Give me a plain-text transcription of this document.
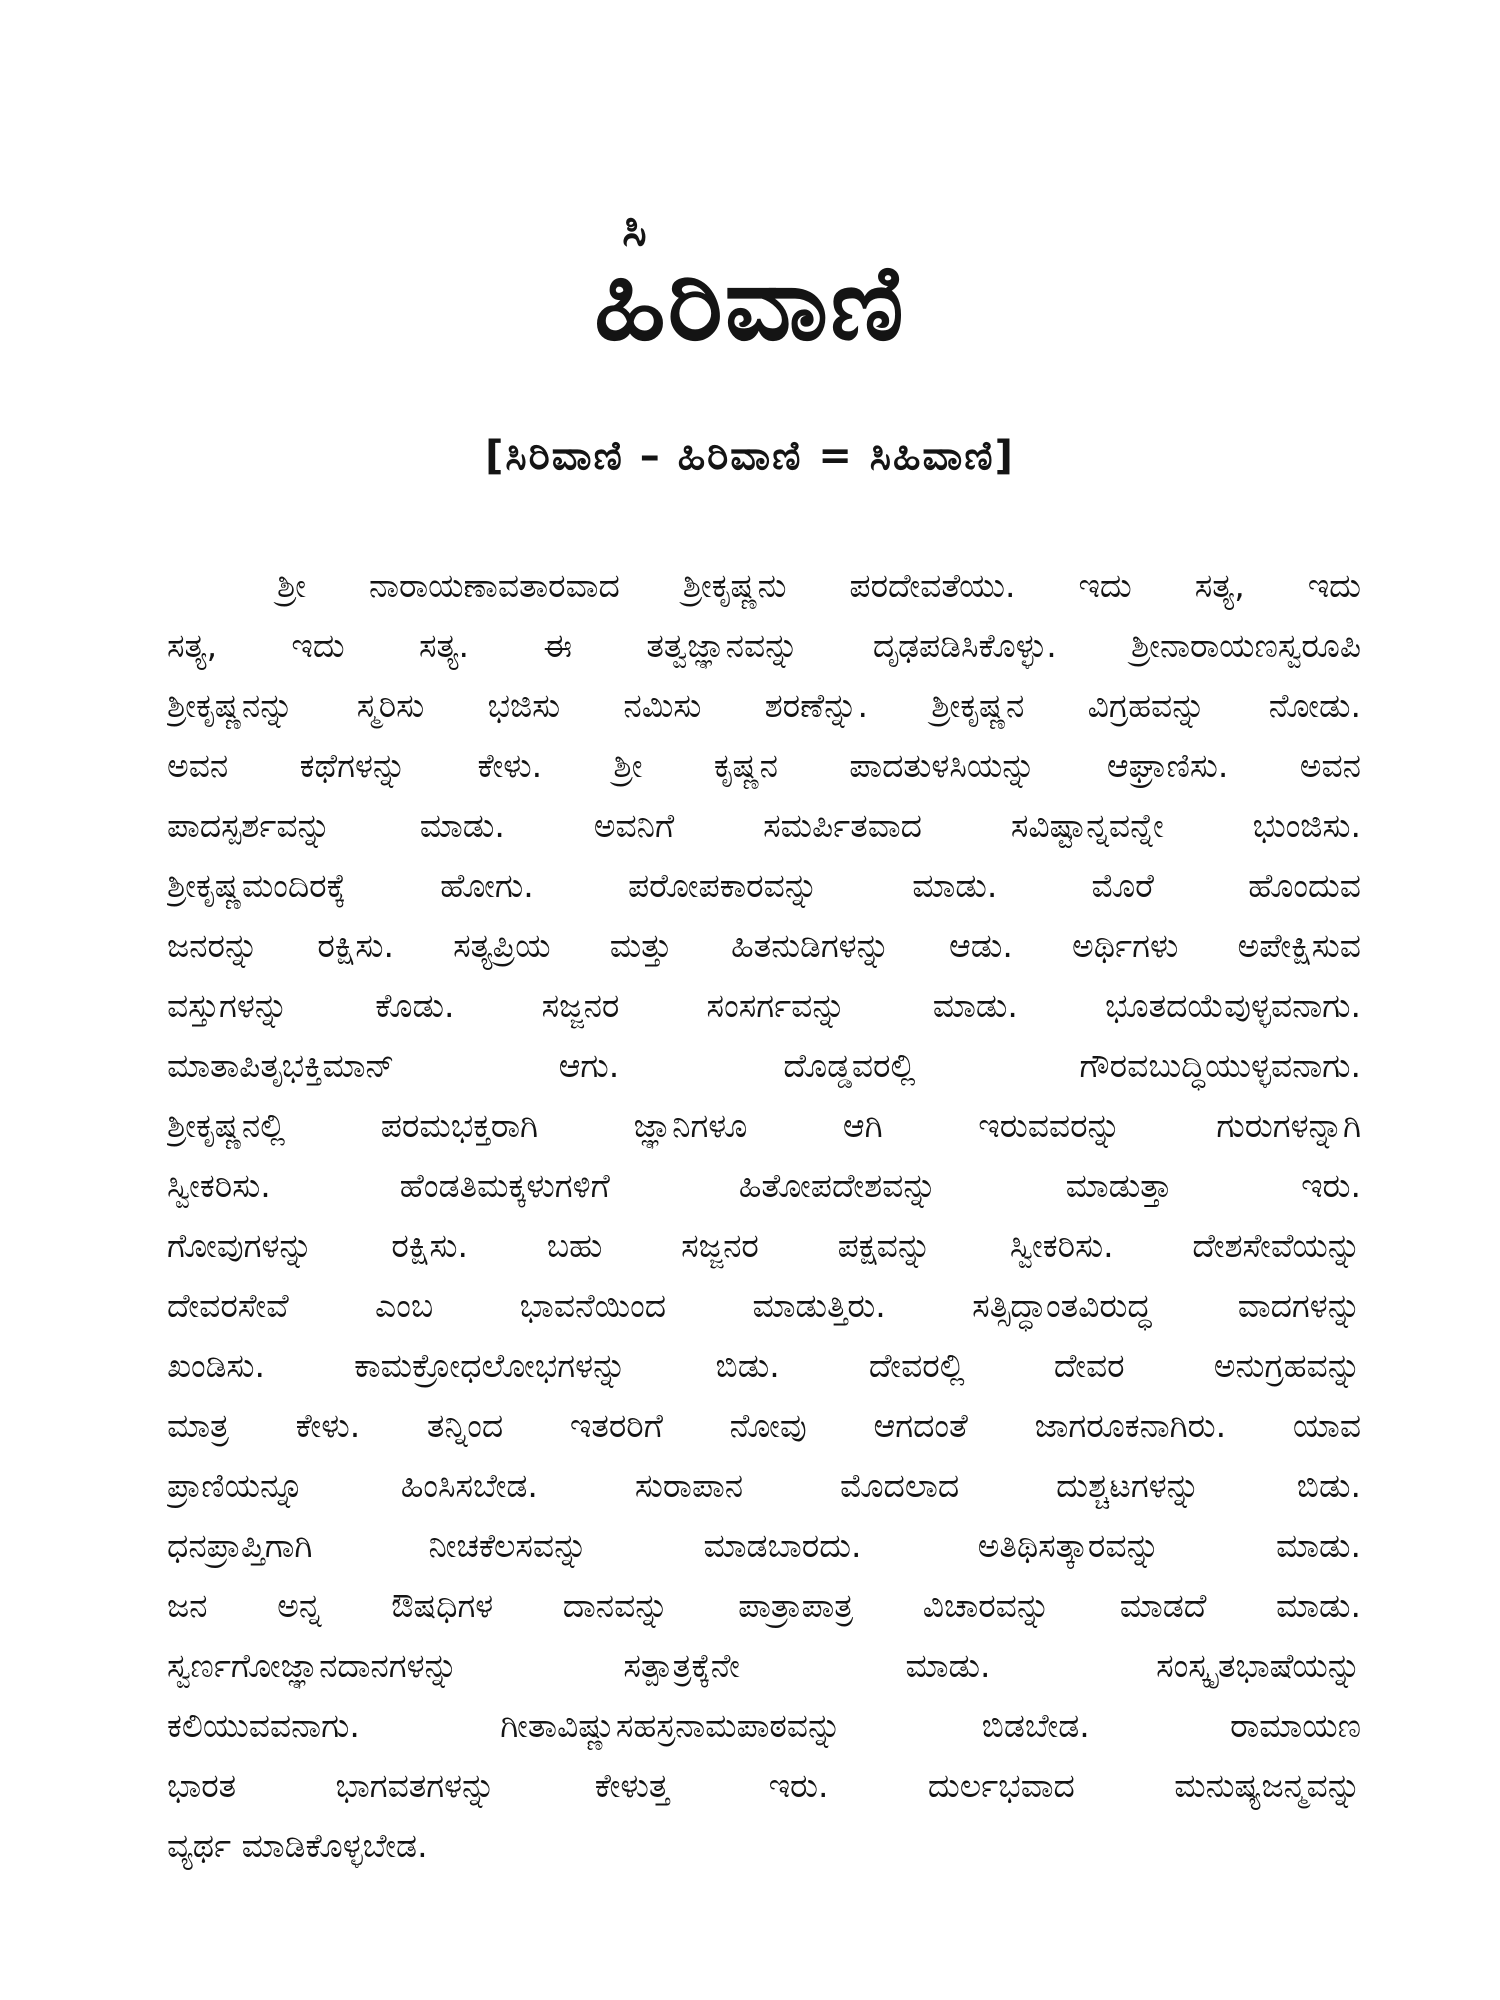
ಸಿ
ಹಿರಿವಾಣಿ
[ಸಿರಿವಾಣಿ – ಹಿರಿವಾಣಿ = ಸಿಹಿವಾಣಿ]
ಶ್ರೀ ನಾರಾಯಣಾವತಾರವಾದ ಶ್ರೀಕೃಷ್ಣನು ಪರದೇವತೆಯು. ಇದು ಸತ್ಯ, ಇದು
ಸತ್ಯ, ಇದು ಸತ್ಯ. ಈ ತತ್ವಜ್ಞಾನವನ್ನು ದೃಢಪಡಿಸಿಕೊಳ್ಳು. ಶ್ರೀನಾರಾಯಣಸ್ವರೂಪಿ
ಶ್ರೀಕೃಷ್ಣನನ್ನು ಸ್ಮರಿಸು ಭಜಿಸು ನಮಿಸು ಶರಣೆನ್ನು. ಶ್ರೀಕೃಷ್ಣನ ವಿಗ್ರಹವನ್ನು ನೋಡು.
ಅವನ ಕಥೆಗಳನ್ನು ಕೇಳು. ಶ್ರೀ ಕೃಷ್ಣನ ಪಾದತುಳಸಿಯನ್ನು ಆಘ್ರಾಣಿಸು. ಅವನ
ಪಾದಸ್ಪರ್ಶವನ್ನು ಮಾಡು. ಅವನಿಗೆ ಸಮರ್ಪಿತವಾದ ಸವಿಷ್ಟಾನ್ನವನ್ನೇ ಭುಂಜಿಸು.
ಶ್ರೀಕೃಷ್ಣಮಂದಿರಕ್ಕೆ ಹೋಗು. ಪರೋಪಕಾರವನ್ನು ಮಾಡು. ಮೊರೆ ಹೊಂದುವ
ಜನರನ್ನು ರಕ್ಷಿಸು. ಸತ್ಯಪ್ರಿಯ ಮತ್ತು ಹಿತನುಡಿಗಳನ್ನು ಆಡು. ಅರ್ಥಿಗಳು ಅಪೇಕ್ಷಿಸುವ
ವಸ್ತುಗಳನ್ನು ಕೊಡು. ಸಜ್ಜನರ ಸಂಸರ್ಗವನ್ನು ಮಾಡು. ಭೂತದಯೆವುಳ್ಳವನಾಗು.
ಮಾತಾಪಿತೃಭಕ್ತಿಮಾನ್ ಆಗು. ದೊಡ್ಡವರಲ್ಲಿ ಗೌರವಬುದ್ಧಿಯುಳ್ಳವನಾಗು.
ಶ್ರೀಕೃಷ್ಣನಲ್ಲಿ ಪರಮಭಕ್ತರಾಗಿ ಜ್ಞಾನಿಗಳೂ ಆಗಿ ಇರುವವರನ್ನು ಗುರುಗಳನ್ನಾಗಿ
ಸ್ವೀಕರಿಸು. ಹೆಂಡತಿಮಕ್ಕಳುಗಳಿಗೆ ಹಿತೋಪದೇಶವನ್ನು ಮಾಡುತ್ತಾ ಇರು.
ಗೋವುಗಳನ್ನು ರಕ್ಷಿಸು. ಬಹು ಸಜ್ಜನರ ಪಕ್ಷವನ್ನು ಸ್ವೀಕರಿಸು. ದೇಶಸೇವೆಯನ್ನು
ದೇವರಸೇವೆ ಎಂಬ ಭಾವನೆಯಿಂದ ಮಾಡುತ್ತಿರು. ಸತ್ಸಿದ್ಧಾಂತವಿರುದ್ಧ ವಾದಗಳನ್ನು
ಖಂಡಿಸು. ಕಾಮಕ್ರೋಧಲೋಭಗಳನ್ನು ಬಿಡು. ದೇವರಲ್ಲಿ ದೇವರ ಅನುಗ್ರಹವನ್ನು
ಮಾತ್ರ ಕೇಳು. ತನ್ನಿಂದ ಇತರರಿಗೆ ನೋವು ಆಗದಂತೆ ಜಾಗರೂಕನಾಗಿರು. ಯಾವ
ಪ್ರಾಣಿಯನ್ನೂ ಹಿಂಸಿಸಬೇಡ. ಸುರಾಪಾನ ಮೊದಲಾದ ದುಶ್ಚಟಗಳನ್ನು ಬಿಡು.
ಧನಪ್ರಾಪ್ತಿಗಾಗಿ ನೀಚಕೆಲಸವನ್ನು ಮಾಡಬಾರದು. ಅತಿಥಿಸತ್ಕಾರವನ್ನು ಮಾಡು.
ಜನ ಅನ್ನ ಔಷಧಿಗಳ ದಾನವನ್ನು ಪಾತ್ರಾಪಾತ್ರ ವಿಚಾರವನ್ನು ಮಾಡದೆ ಮಾಡು.
ಸ್ವರ್ಣಗೋಜ್ಞಾನದಾನಗಳನ್ನು ಸತ್ಪಾತ್ರಕ್ಕೆನೇ ಮಾಡು. ಸಂಸ್ಕೃತಭಾಷೆಯನ್ನು
ಕಲಿಯುವವನಾಗು. ಗೀತಾವಿಷ್ಣುಸಹಸ್ರನಾಮಪಾಠವನ್ನು ಬಿಡಬೇಡ. ರಾಮಾಯಣ
ಭಾರತ ಭಾಗವತಗಳನ್ನು ಕೇಳುತ್ತ ಇರು. ದುರ್ಲಭವಾದ ಮನುಷ್ಯಜನ್ಮವನ್ನು
ವ್ಯರ್ಥ ಮಾಡಿಕೊಳ್ಳಬೇಡ.
